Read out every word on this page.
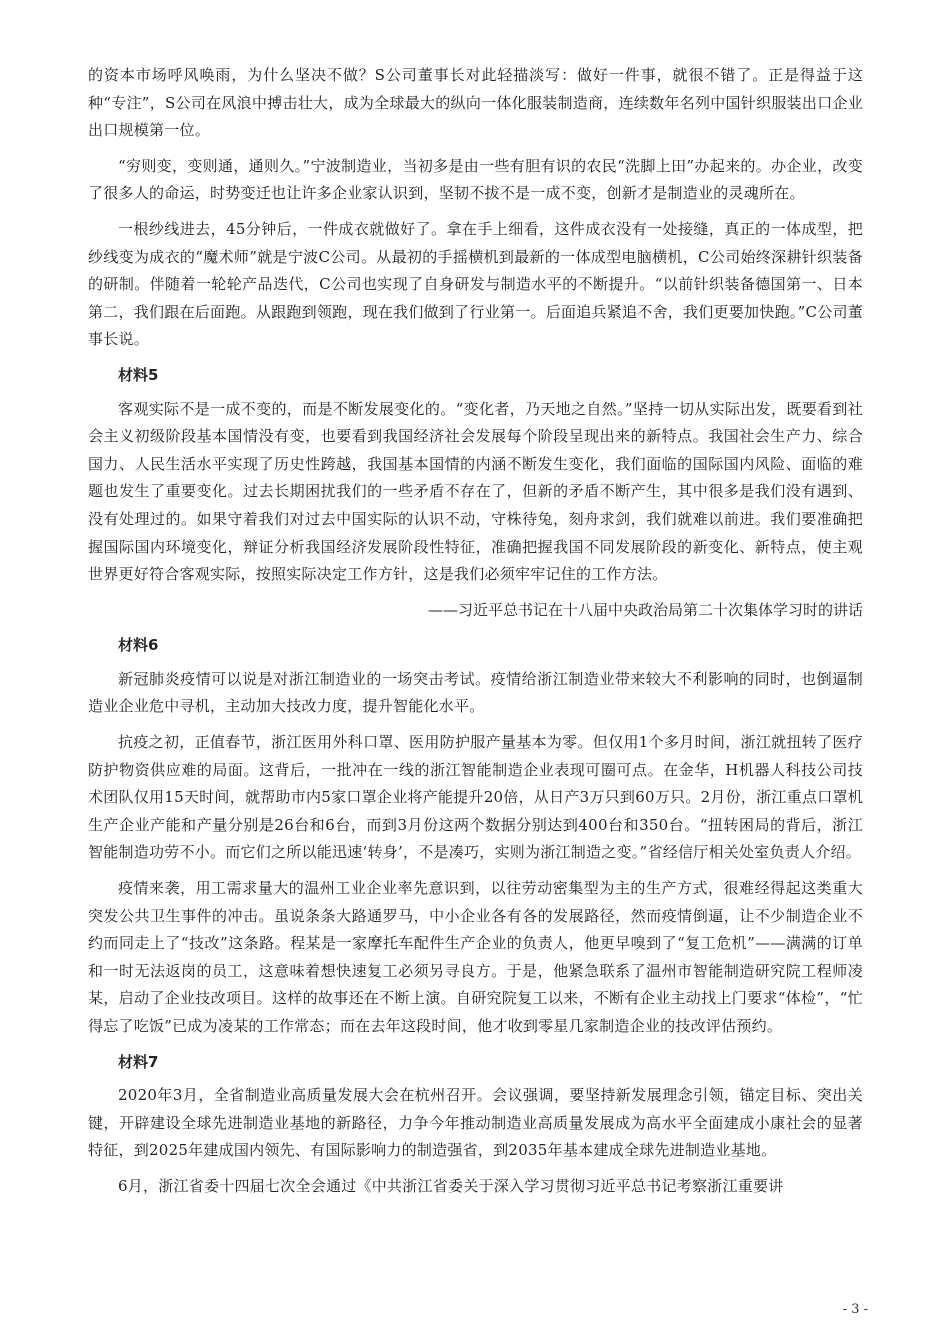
的资本市场呼风唤雨，为什么坚决不做？S公司董事长对此轻描淡写：做好一件事，就很不错了。正是得益于这种“专注”，S公司在风浪中搏击壮大，成为全球最大的纵向一体化服装制造商，连续数年名列中国针织服装出口企业出口规模第一位。

“穷则变，变则通，通则久。”宁波制造业，当初多是由一些有胆有识的农民“洗脚上田”办起来的。办企业，改变了很多人的命运，时势变迁也让许多企业家认识到，坚韧不拔不是一成不变，创新才是制造业的灵魂所在。

一根纱线进去，45分钟后，一件成衣就做好了。拿在手上细看，这件成衣没有一处接缝，真正的一体成型，把纱线变为成衣的“魔术师”就是宁波C公司。从最初的手摇横机到最新的一体成型电脑横机，C公司始终深耕针织装备的研制。伴随着一轮轮产品迭代，C公司也实现了自身研发与制造水平的不断提升。“以前针织装备德国第一、日本第二，我们跟在后面跑。从跟跑到领跑，现在我们做到了行业第一。后面追兵紧追不舍，我们更要加快跑。”C公司董事长说。

材料5

客观实际不是一成不变的，而是不断发展变化的。“变化者，乃天地之自然。”坚持一切从实际出发，既要看到社会主义初级阶段基本国情没有变，也要看到我国经济社会发展每个阶段呈现出来的新特点。我国社会生产力、综合国力、人民生活水平实现了历史性跨越，我国基本国情的内涵不断发生变化，我们面临的国际国内风险、面临的难题也发生了重要变化。过去长期困扰我们的一些矛盾不存在了，但新的矛盾不断产生，其中很多是我们没有遇到、没有处理过的。如果守着我们对过去中国实际的认识不动，守株待兔，刻舟求剑，我们就难以前进。我们要准确把握国际国内环境变化，辩证分析我国经济发展阶段性特征，准确把握我国不同发展阶段的新变化、新特点，使主观世界更好符合客观实际，按照实际决定工作方针，这是我们必须牢牢记住的工作方法。

——习近平总书记在十八届中央政治局第二十次集体学习时的讲话
材料6

新冠肺炎疫情可以说是对浙江制造业的一场突击考试。疫情给浙江制造业带来较大不利影响的同时，也倒逼制造业企业危中寻机，主动加大技改力度，提升智能化水平。

抗疫之初，正值春节，浙江医用外科口罩、医用防护服产量基本为零。但仅用1个多月时间，浙江就扭转了医疗防护物资供应难的局面。这背后，一批冲在一线的浙江智能制造企业表现可圈可点。在金华，H机器人科技公司技术团队仅用15天时间，就帮助市内5家口罩企业将产能提升20倍，从日产3万只到60万只。2月份，浙江重点口罩机生产企业产能和产量分别是26台和6台，而到3月份这两个数据分别达到400台和350台。“扭转困局的背后，浙江智能制造功劳不小。而它们之所以能迅速‘转身’，不是凑巧，实则为浙江制造之变。”省经信厅相关处室负责人介绍。

疫情来袭，用工需求量大的温州工业企业率先意识到，以往劳动密集型为主的生产方式，很难经得起这类重大突发公共卫生事件的冲击。虽说条条大路通罗马，中小企业各有各的发展路径，然而疫情倒逼，让不少制造企业不约而同走上了“技改”这条路。程某是一家摩托车配件生产企业的负责人，他更早嗅到了“复工危机”——满满的订单和一时无法返岗的员工，这意味着想快速复工必须另寻良方。于是，他紧急联系了温州市智能制造研究院工程师凌某，启动了企业技改项目。这样的故事还在不断上演。自研究院复工以来，不断有企业主动找上门要求“体检”，“忙得忘了吃饭”已成为凌某的工作常态；而在去年这段时间，他才收到零星几家制造企业的技改评估预约。

材料7

2020年3月，全省制造业高质量发展大会在杭州召开。会议强调，要坚持新发展理念引领，锚定目标、突出关键，开辟建设全球先进制造业基地的新路径，力争今年推动制造业高质量发展成为高水平全面建成小康社会的显著特征，到2025年建成国内领先、有国际影响力的制造强省，到2035年基本建成全球先进制造业基地。

6月，浙江省委十四届七次全会通过《中共浙江省委关于深入学习贯彻习近平总书记考察浙江重要讲

- 3 -
